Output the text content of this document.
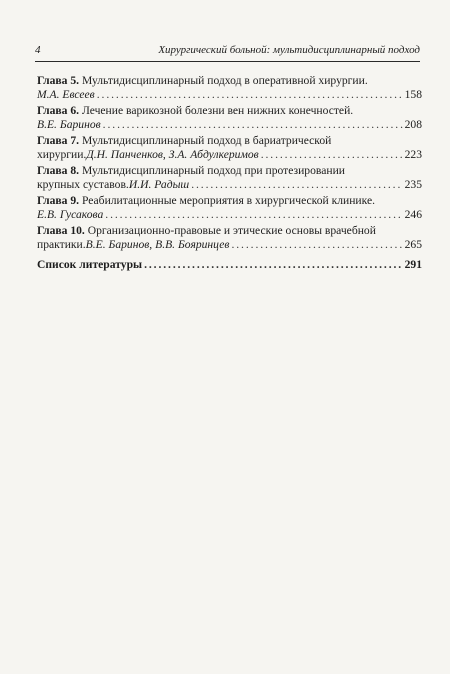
4	Хирургический больной: мультидисциплинарный подход
Глава 5. Мультидисциплинарный подход в оперативной хирургии.
М.А. Евсеев . . .	158
Глава 6. Лечение варикозной болезни вен нижних конечностей.
В.Е. Баринов . . .	208
Глава 7. Мультидисциплинарный подход в бариатрической
хирургии. Д.Н. Панченков, З.А. Абдулкеримов . . .	223
Глава 8. Мультидисциплинарный подход при протезировании
крупных суставов. И.И. Радыш . . .	235
Глава 9. Реабилитационные мероприятия в хирургической клинике.
Е.В. Гусакова . . .	246
Глава 10. Организационно-правовые и этические основы врачебной
практики. В.Е. Баринов, В.В. Бояринцев . . .	265
Список литературы . . .	291
